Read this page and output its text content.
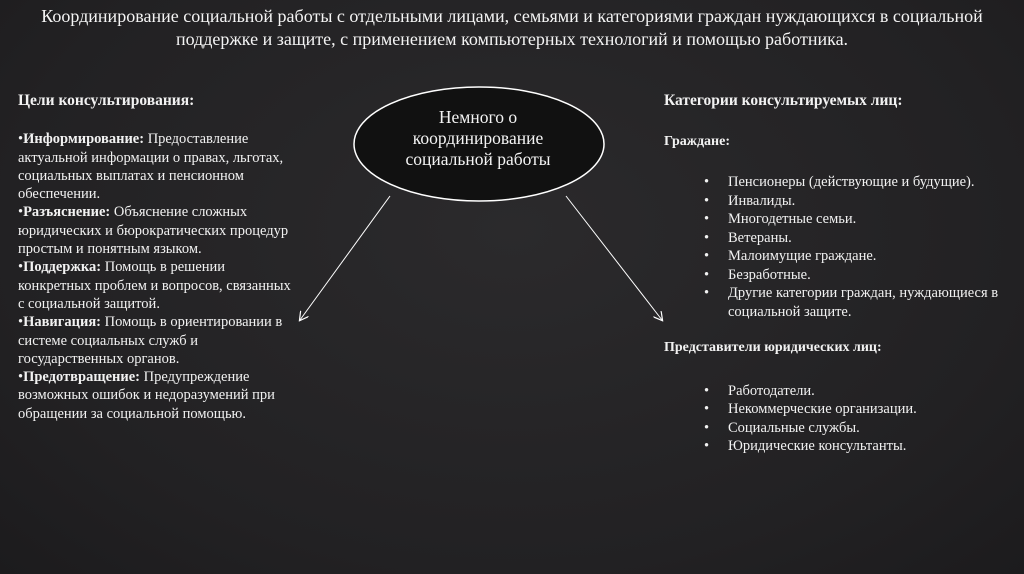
Координирование социальной работы с отдельными лицами, семьями и категориями граждан нуждающихся в социальной поддержке и защите, с применением компьютерных технологий и помощью работника.
Немного о координирование социальной работы
Цели консультирования:

•Информирование: Предоставление актуальной информации о правах, льготах, социальных выплатах и пенсионном обеспечении.

•Разъяснение: Объяснение сложных юридических и бюрократических процедур простым и понятным языком.

•Поддержка: Помощь в решении конкретных проблем и вопросов, связанных с социальной защитой.

•Навигация: Помощь в ориентировании в системе социальных служб и государственных органов.

•Предотвращение: Предупреждение возможных ошибок и недоразумений при обращении за социальной помощью.

Категории консультируемых лиц:
Граждане:
• Пенсионеры (действующие и будущие).
• Инвалиды.
• Многодетные семьи.
• Ветераны.
• Малоимущие граждане.
• Безработные.
• Другие категории граждан, нуждающиеся в социальной защите.
Представители юридических лиц:
• Работодатели.
• Некоммерческие организации.
• Социальные службы.
• Юридические консультанты.
